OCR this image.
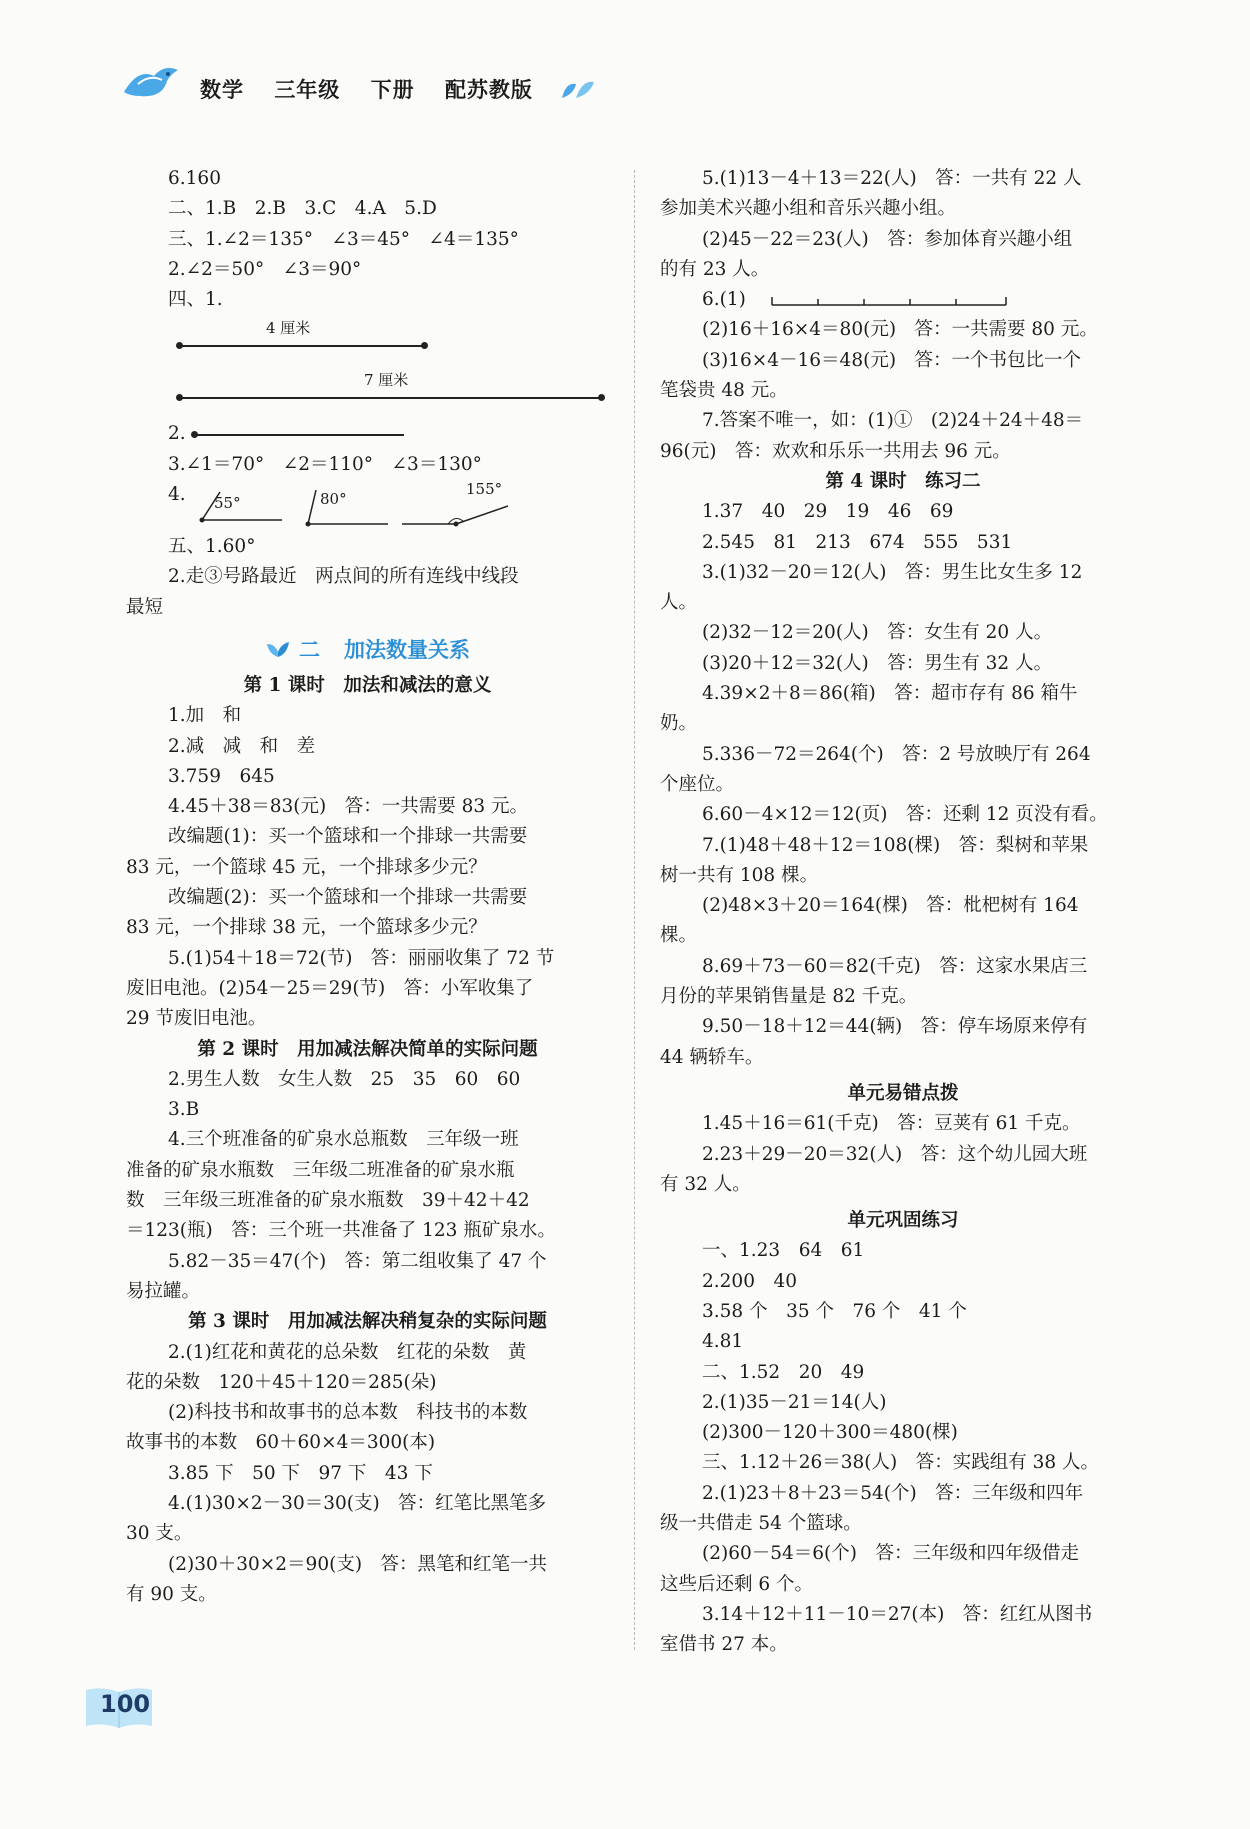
数学 三年级 下册 配苏教版
6.160
二、1.B　2.B　3.C　4.A　5.D
三、1.∠2＝135°　∠3＝45°　∠4＝135°
2.∠2＝50°　∠3＝90°
四、1.
4 厘米
7 厘米
2.
3.∠1＝70°　∠2＝110°　∠3＝130°
4. 55°	80°
155°
五、1.60°
2.走③号路最近　两点间的所有连线中线段
最短
二 加法数量关系
第 1 课时　加法和减法的意义
1.加　和
2.减　减　和　差
3.759　645
4.45＋38＝83(元)　答：一共需要 83 元。
改编题(1)：买一个篮球和一个排球一共需要
83 元，一个篮球 45 元，一个排球多少元？
改编题(2)：买一个篮球和一个排球一共需要
83 元，一个排球 38 元，一个篮球多少元？
5.(1)54＋18＝72(节)　答：丽丽收集了 72 节
废旧电池。(2)54－25＝29(节)　答：小军收集了
29 节废旧电池。
第 2 课时　用加减法解决简单的实际问题
2.男生人数　女生人数　25　35　60　60
3.B
4.三个班准备的矿泉水总瓶数　三年级一班
准备的矿泉水瓶数　三年级二班准备的矿泉水瓶
数　三年级三班准备的矿泉水瓶数　39＋42＋42
＝123(瓶)　答：三个班一共准备了 123 瓶矿泉水。
5.82－35＝47(个)　答：第二组收集了 47 个
易拉罐。
第 3 课时　用加减法解决稍复杂的实际问题
2.(1)红花和黄花的总朵数　红花的朵数　黄
花的朵数　120＋45＋120＝285(朵)
(2)科技书和故事书的总本数　科技书的本数
故事书的本数　60＋60×4＝300(本)
3.85 下　50 下　97 下　43 下
4.(1)30×2－30＝30(支)　答：红笔比黑笔多
30 支。
(2)30＋30×2＝90(支)　答：黑笔和红笔一共
有 90 支。
5.(1)13－4＋13＝22(人)　答：一共有 22 人
参加美术兴趣小组和音乐兴趣小组。
(2)45－22＝23(人)　答：参加体育兴趣小组
的有 23 人。
6.(1)
(2)16＋16×4＝80(元)　答：一共需要 80 元。
(3)16×4－16＝48(元)　答：一个书包比一个
笔袋贵 48 元。
7.答案不唯一，如：(1)①　(2)24＋24＋48＝
96(元)　答：欢欢和乐乐一共用去 96 元。
第 4 课时　练习二
1.37　40　29　19　46　69
2.545　81　213　674　555　531
3.(1)32－20＝12(人)　答：男生比女生多 12
人。
(2)32－12＝20(人)　答：女生有 20 人。
(3)20＋12＝32(人)　答：男生有 32 人。
4.39×2＋8＝86(箱)　答：超市存有 86 箱牛
奶。
5.336－72＝264(个)　答：2 号放映厅有 264
个座位。
6.60－4×12＝12(页)　答：还剩 12 页没有看。
7.(1)48＋48＋12＝108(棵)　答：梨树和苹果
树一共有 108 棵。
(2)48×3＋20＝164(棵)　答：枇杷树有 164
棵。
8.69＋73－60＝82(千克)　答：这家水果店三
月份的苹果销售量是 82 千克。
9.50－18＋12＝44(辆)　答：停车场原来停有
44 辆轿车。
单元易错点拨
1.45＋16＝61(千克)　答：豆荚有 61 千克。
2.23＋29－20＝32(人)　答：这个幼儿园大班
有 32 人。
单元巩固练习
一、1.23　64　61
2.200　40
3.58 个　35 个　76 个　41 个
4.81
二、1.52　20　49
2.(1)35－21＝14(人)
(2)300－120＋300＝480(棵)
三、1.12＋26＝38(人)　答：实践组有 38 人。
2.(1)23＋8＋23＝54(个)　答：三年级和四年
级一共借走 54 个篮球。
(2)60－54＝6(个)　答：三年级和四年级借走
这些后还剩 6 个。
3.14＋12＋11－10＝27(本)　答：红红从图书
室借书 27 本。
100
